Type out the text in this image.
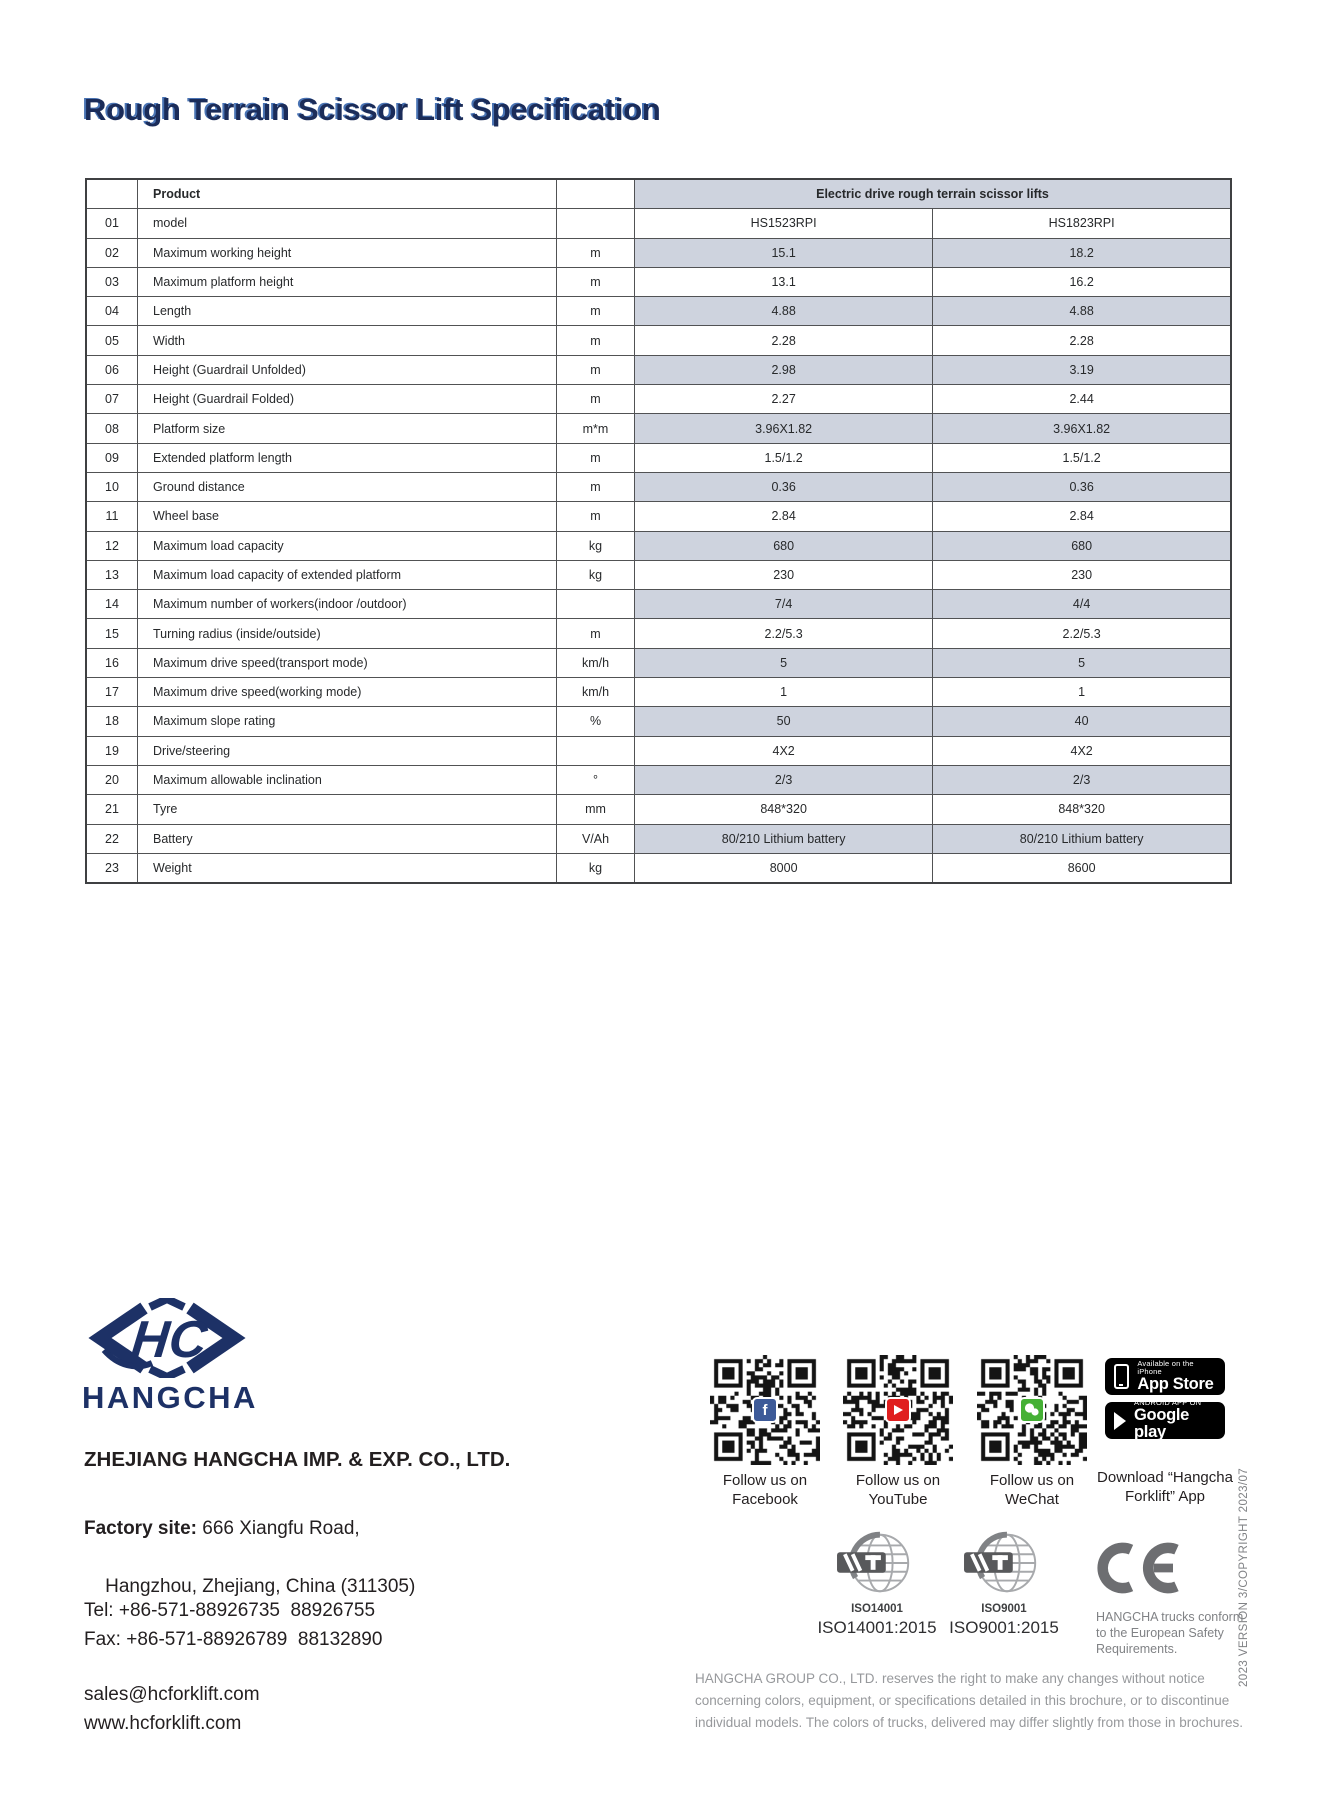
Rough Terrain Scissor Lift Specification
	Product		Electric drive rough terrain scissor lifts	
01	model		HS1523RPI	HS1823RPI
02	Maximum working height	m	15.1	18.2
03	Maximum platform height	m	13.1	16.2
04	Length	m	4.88	4.88
05	Width	m	2.28	2.28
06	Height (Guardrail Unfolded)	m	2.98	3.19
07	Height (Guardrail Folded)	m	2.27	2.44
08	Platform size	m*m	3.96X1.82	3.96X1.82
09	Extended platform length	m	1.5/1.2	1.5/1.2
10	Ground distance	m	0.36	0.36
11	Wheel base	m	2.84	2.84
12	Maximum load capacity	kg	680	680
13	Maximum load capacity of extended platform	kg	230	230
14	Maximum number of workers(indoor /outdoor)		7/4	4/4
15	Turning radius (inside/outside)	m	2.2/5.3	2.2/5.3
16	Maximum drive speed(transport mode)	km/h	5	5
17	Maximum drive speed(working mode)	km/h	1	1
18	Maximum slope rating	%	50	40
19	Drive/steering		4X2	4X2
20	Maximum allowable inclination	°	2/3	2/3
21	Tyre	mm	848*320	848*320
22	Battery	V/Ah	80/210 Lithium battery	80/210 Lithium battery
23	Weight	kg	8000	8600
HC
HANGCHA
ZHEJIANG HANGCHA IMP. & EXP. CO., LTD.
Factory site: 666 Xiangfu Road,

Hangzhou, Zhejiang, China (311305)

Tel: +86-571-88926735  88926755
Fax: +86-571-88926789  88132890
sales@hcforklift.com
www.hcforklift.com
f
Follow us on
Facebook
Follow us on
YouTube
Follow us on
WeChat
Available on the iPhone
App Store
ANDROID APP ON
Google play
Download “Hangcha
Forklift” App
ISO14001
ISO14001:2015
ISO9001
ISO9001:2015
HANGCHA trucks conform to the European Safety Requirements.
HANGCHA GROUP CO., LTD. reserves the right to make any changes without notice concerning colors, equipment, or specifications detailed in this brochure, or to discontinue individual models. The colors of trucks, delivered may differ slightly from those in brochures.
2023 VERSION 3/COPYRIGHT 2023/07
